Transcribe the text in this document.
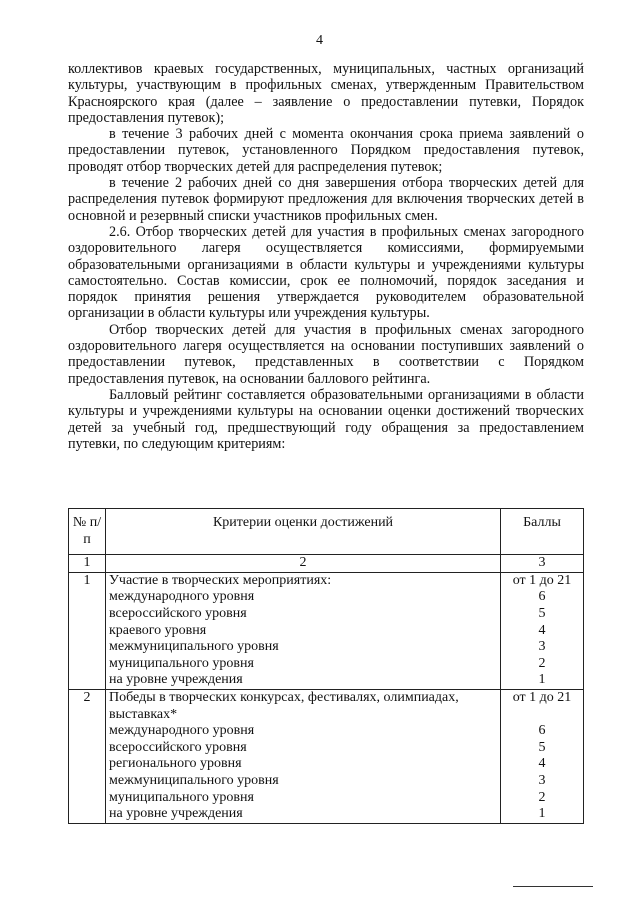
4

коллективов краевых государственных, муниципальных, частных организаций культуры, участвующим в профильных сменах, утвержденным Правительством Красноярского края (далее – заявление о предоставлении путевки, Порядок предоставления путевок);

в течение 3 рабочих дней с момента окончания срока приема заявлений о предоставлении путевок, установленного Порядком предоставления путевок, проводят отбор творческих детей для распределения путевок;

в течение 2 рабочих дней со дня завершения отбора творческих детей для распределения путевок формируют предложения для включения творческих детей в основной и резервный списки участников профильных смен.

2.6. Отбор творческих детей для участия в профильных сменах загородного оздоровительного лагеря осуществляется комиссиями, формируемыми образовательными организациями в области культуры и учреждениями культуры самостоятельно. Состав комиссии, срок ее полномочий, порядок заседания и порядок принятия решения утверждается руководителем образовательной организации в области культуры или учреждения культуры.

Отбор творческих детей для участия в профильных сменах загородного оздоровительного лагеря осуществляется на основании поступивших заявлений о предоставлении путевок, представленных в соответствии с Порядком предоставления путевок, на основании баллового рейтинга.

Балловый рейтинг составляется образовательными организациями в области культуры и учреждениями культуры на основании оценки достижений творческих детей за учебный год, предшествующий году обращения за предоставлением путевки, по следующим критериям:

№ п/п	Критерии оценки достижений	Баллы
1	2	3
1	Участие в творческих мероприятиях:	от 1 до 21
	международного уровня	6
	всероссийского уровня	5
	краевого уровня	4
	межмуниципального уровня	3
	муниципального уровня	2
	на уровне учреждения	1
2	Победы в творческих конкурсах, фестивалях, олимпиадах, выставках*	от 1 до 21
	международного уровня	6
	всероссийского уровня	5
	регионального уровня	4
	межмуниципального уровня	3
	муниципального уровня	2
	на уровне учреждения	1
